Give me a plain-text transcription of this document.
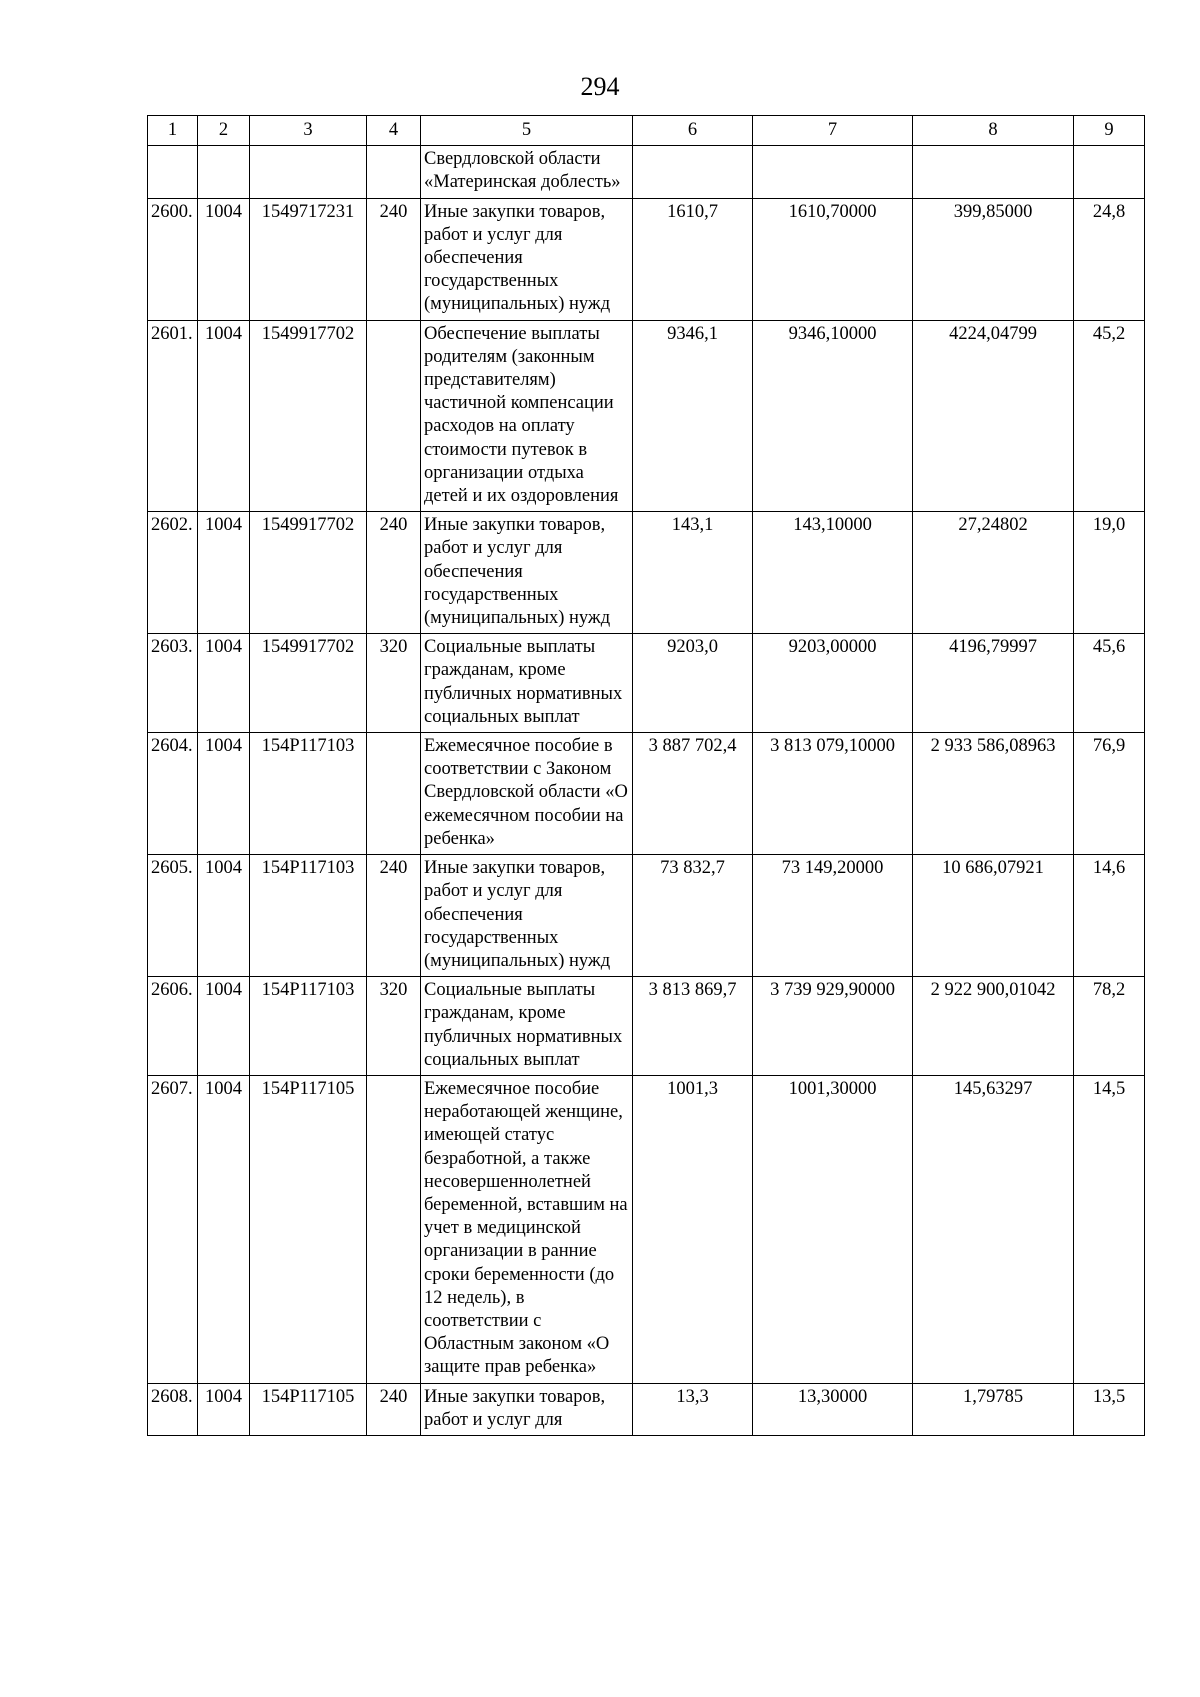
294
1	2	3	4	5	6	7	8	9
				Свердловской области «Материнская доблесть»				
2600.	1004	1549717231	240	Иные закупки товаров, работ и услуг для обеспечения государственных (муниципальных) нужд	1610,7	1610,70000	399,85000	24,8
2601.	1004	1549917702		Обеспечение выплаты родителям (законным представителям) частичной компенсации расходов на оплату стоимости путевок в организации отдыха детей и их оздоровления	9346,1	9346,10000	4224,04799	45,2
2602.	1004	1549917702	240	Иные закупки товаров, работ и услуг для обеспечения государственных (муниципальных) нужд	143,1	143,10000	27,24802	19,0
2603.	1004	1549917702	320	Социальные выплаты гражданам, кроме публичных нормативных социальных выплат	9203,0	9203,00000	4196,79997	45,6
2604.	1004	154P117103		Ежемесячное пособие в соответствии с Законом Свердловской области «О ежемесячном пособии на ребенка»	3 887 702,4	3 813 079,10000	2 933 586,08963	76,9
2605.	1004	154P117103	240	Иные закупки товаров, работ и услуг для обеспечения государственных (муниципальных) нужд	73 832,7	73 149,20000	10 686,07921	14,6
2606.	1004	154P117103	320	Социальные выплаты гражданам, кроме публичных нормативных социальных выплат	3 813 869,7	3 739 929,90000	2 922 900,01042	78,2
2607.	1004	154P117105		Ежемесячное пособие неработающей женщине, имеющей статус безработной, а также несовершеннолетней беременной, вставшим на учет в медицинской организации в ранние сроки беременности (до 12 недель), в соответствии с Областным законом «О защите прав ребенка»	1001,3	1001,30000	145,63297	14,5
2608.	1004	154P117105	240	Иные закупки товаров, работ и услуг для	13,3	13,30000	1,79785	13,5
